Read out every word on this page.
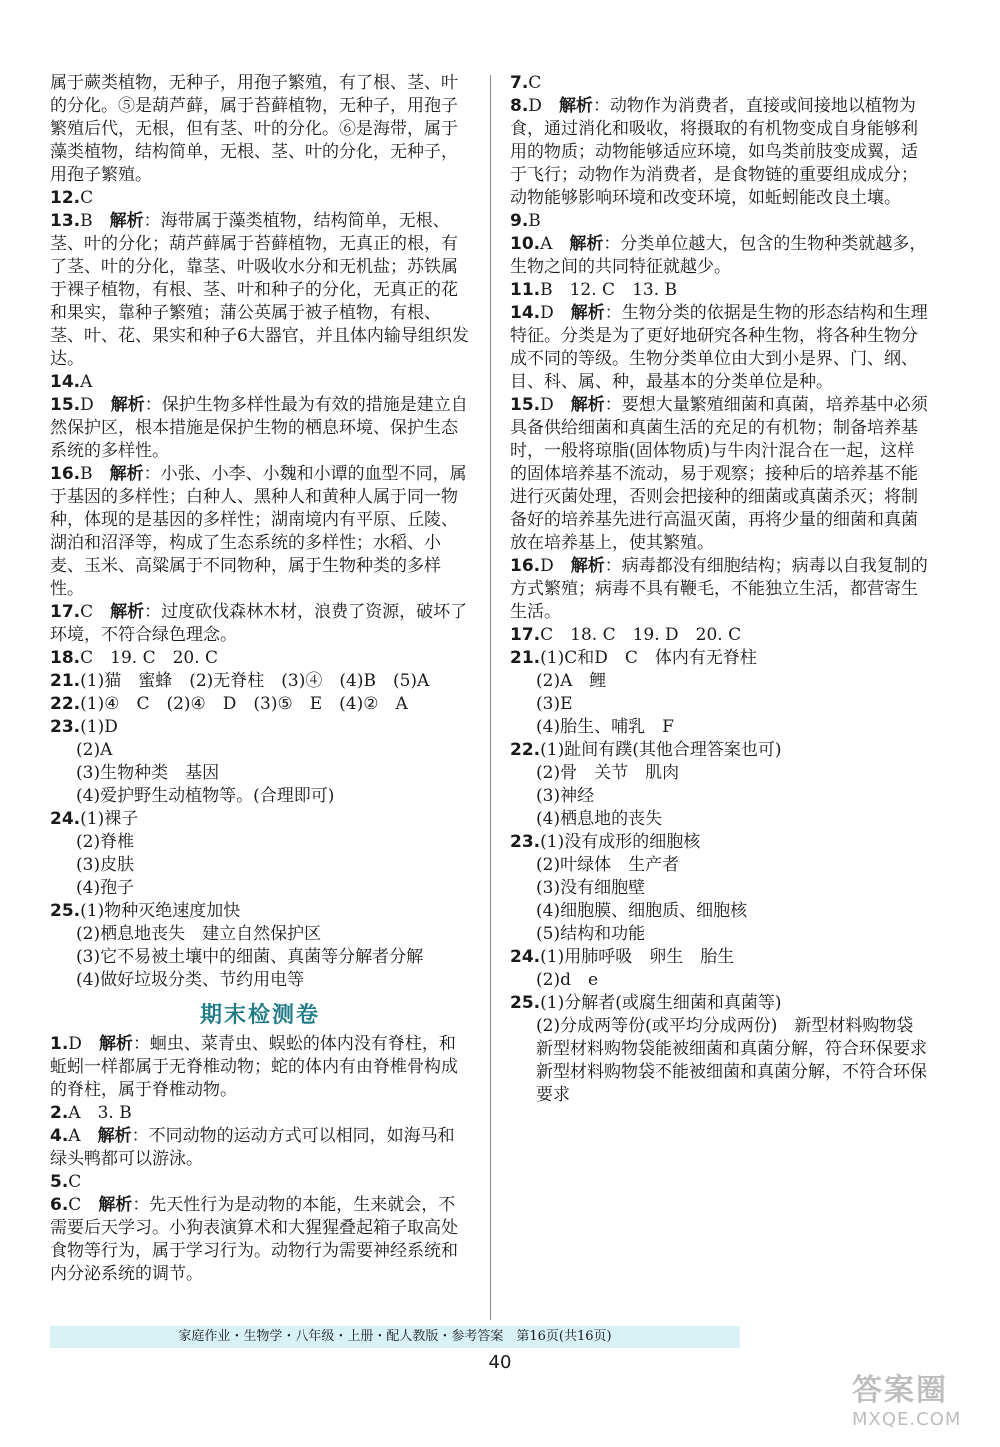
属于蕨类植物，无种子，用孢子繁殖，有了根、茎、叶的分化。⑤是葫芦藓，属于苔藓植物，无种子，用孢子繁殖后代，无根，但有茎、叶的分化。⑥是海带，属于藻类植物，结构简单，无根、茎、叶的分化，无种子，用孢子繁殖。

12.C

13.B　 解析：海带属于藻类植物，结构简单，无根、茎、叶的分化；葫芦藓属于苔藓植物，无真正的根，有了茎、叶的分化，靠茎、叶吸收水分和无机盐；苏铁属于裸子植物，有根、茎、叶和种子的分化，无真正的花和果实，靠种子繁殖；蒲公英属于被子植物，有根、茎、叶、花、果实和种子6大器官，并且体内输导组织发达。

14.A

15.D　 解析：保护生物多样性最为有效的措施是建立自然保护区，根本措施是保护生物的栖息环境、保护生态系统的多样性。

16.B　 解析：小张、小李、小魏和小谭的血型不同，属于基因的多样性；白种人、黑种人和黄种人属于同一物种，体现的是基因的多样性；湖南境内有平原、丘陵、湖泊和沼泽等，构成了生态系统的多样性；水稻、小麦、玉米、高粱属于不同物种，属于生物种类的多样性。

17.C　 解析：过度砍伐森林木材，浪费了资源，破坏了环境，不符合绿色理念。

18.C　19. C　20. C

21.(1)猫　蜜蜂　(2)无脊柱　(3)④　(4)B　(5)A

22.(1)④　C　(2)④　D　(3)⑤　E　(4)②　A

23.(1)D

(2)A

(3)生物种类　基因

(4)爱护野生动植物等。(合理即可)

24.(1)裸子

(2)脊椎

(3)皮肤

(4)孢子

25.(1)物种灭绝速度加快

(2)栖息地丧失　建立自然保护区

(3)它不易被土壤中的细菌、真菌等分解者分解

(4)做好垃圾分类、节约用电等

期末检测卷

1.D　 解析：蛔虫、菜青虫、蜈蚣的体内没有脊柱，和蚯蚓一样都属于无脊椎动物；蛇的体内有由脊椎骨构成的脊柱，属于脊椎动物。

2.A　3. B

4.A　 解析：不同动物的运动方式可以相同，如海马和绿头鸭都可以游泳。

5.C

6.C　 解析：先天性行为是动物的本能，生来就会，不需要后天学习。小狗表演算术和大猩猩叠起箱子取高处食物等行为，属于学习行为。动物行为需要神经系统和内分泌系统的调节。

7.C

8.D　 解析：动物作为消费者，直接或间接地以植物为食，通过消化和吸收，将摄取的有机物变成自身能够利用的物质；动物能够适应环境，如鸟类前肢变成翼，适于飞行；动物作为消费者，是食物链的重要组成成分；动物能够影响环境和改变环境，如蚯蚓能改良土壤。

9.B

10.A　 解析：分类单位越大，包含的生物种类就越多，生物之间的共同特征就越少。

11.B　12. C　13. B

14.D　 解析：生物分类的依据是生物的形态结构和生理特征。分类是为了更好地研究各种生物，将各种生物分成不同的等级。生物分类单位由大到小是界、门、纲、目、科、属、种，最基本的分类单位是种。

15.D　 解析：要想大量繁殖细菌和真菌，培养基中必须具备供给细菌和真菌生活的充足的有机物；制备培养基时，一般将琼脂(固体物质)与牛肉汁混合在一起，这样的固体培养基不流动，易于观察；接种后的培养基不能进行灭菌处理，否则会把接种的细菌或真菌杀灭；将制备好的培养基先进行高温灭菌，再将少量的细菌和真菌放在培养基上，使其繁殖。

16.D　 解析：病毒都没有细胞结构；病毒以自我复制的方式繁殖；病毒不具有鞭毛，不能独立生活，都营寄生生活。

17.C　18. C　19. D　20. C

21.(1)C和D　C　体内有无脊柱

(2)A　鲤

(3)E

(4)胎生、哺乳　F

22.(1)趾间有蹼(其他合理答案也可)

(2)骨　关节　肌肉

(3)神经

(4)栖息地的丧失

23.(1)没有成形的细胞核

(2)叶绿体　生产者

(3)没有细胞壁

(4)细胞膜、细胞质、细胞核

(5)结构和功能

24.(1)用肺呼吸　卵生　胎生

(2)d　e

25.(1)分解者(或腐生细菌和真菌等)

(2)分成两等份(或平均分成两份)　新型材料购物袋　新型材料购物袋能被细菌和真菌分解，符合环保要求　新型材料购物袋不能被细菌和真菌分解，不符合环保要求

家庭作业・生物学・八年级・上册・配人教版・参考答案　第16页(共16页)
40
答案圈
MXQE.COM
